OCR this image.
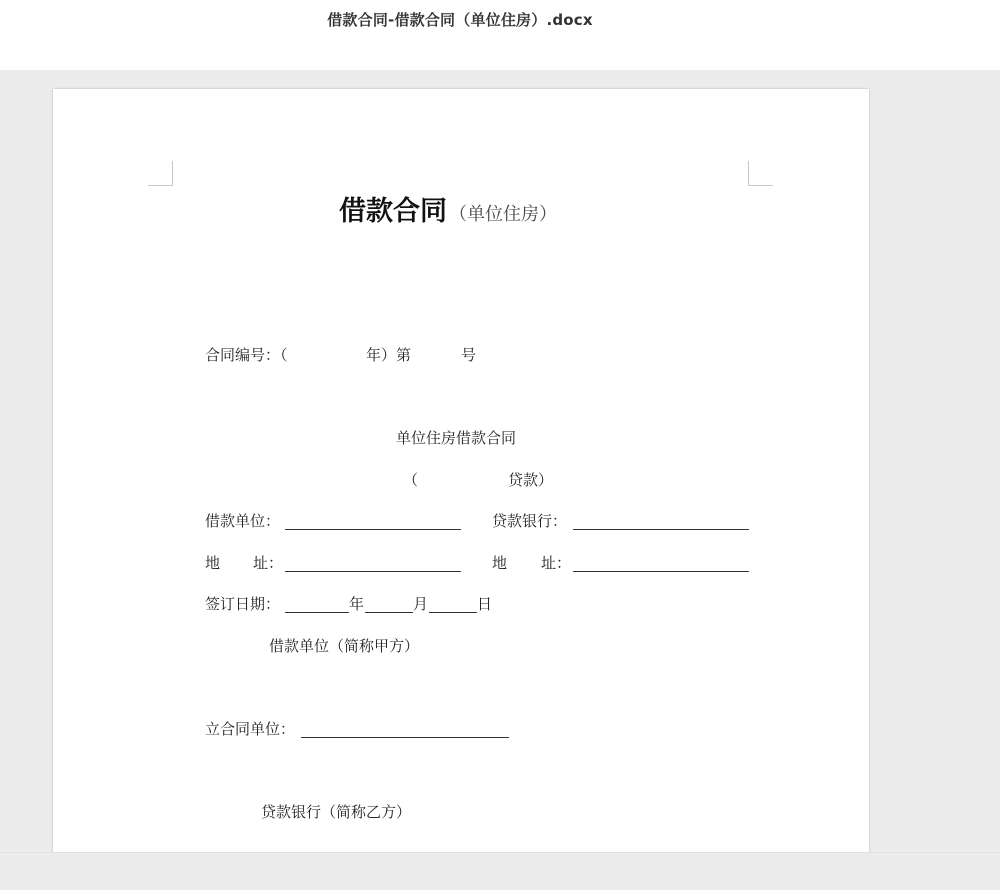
借款合同-借款合同（单位住房）.docx
借款合同 （单位住房）
合同编号：（	年）第	号
单位住房借款合同
（	贷款）
借款单位：	贷款银行：
地 址：	地 址：
签订日期：	年	月	日
借款单位（简称甲方）
立合同单位：
贷款银行（简称乙方）
